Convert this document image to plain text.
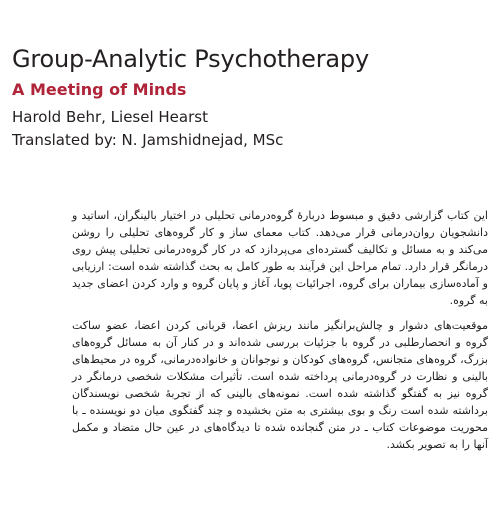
Group-Analytic Psychotherapy
A Meeting of Minds
Harold Behr, Liesel Hearst
Translated by: N. Jamshidnejad, MSc

این کتاب گزارشی دقیق و مبسوط دربارهٔ گروه‌درمانی تحلیلی در اختیار بالینگران، اساتید و دانشجویان روان‌درمانی قرار می‌دهد. کتاب معمای ساز و کار گروه‌های تحلیلی را روشن می‌کند و به مسائل و تکالیف گسترده‌ای می‌پردازد که در کار گروه‌درمانی تحلیلی پیش روی درمانگر قرار دارد. تمام مراحل این فرآیند به طور کامل به بحث گذاشته شده است: ارزیابی و آماده‌سازی بیماران برای گروه، اجرائیات پویا، آغاز و پایان گروه و وارد کردن اعضای جدید به گروه.

موقعیت‌های دشوار و چالش‌برانگیز مانند ریزش اعضا، قربانی کردن اعضا، عضو ساکت گروه و انحصارطلبی در گروه با جزئیات بررسی شده‌اند و در کنار آن به مسائل گروه‌های بزرگ، گروه‌های متجانس، گروه‌های کودکان و نوجوانان و خانواده‌درمانی، گروه در محیط‌های بالینی و نظارت در گروه‌درمانی پرداخته شده است. تأثیرات مشکلات شخصی درمانگر در گروه نیز به گفتگو گذاشته شده است. نمونه‌های بالینی که از تجربهٔ شخصی نویسندگان برداشته شده است رنگ و بوی بیشتری به متن بخشیده و چند گفتگوی میان دو نویسنده ـ با محوریت موضوعات کتاب ـ در متن گنجانده شده تا دیدگاه‌های در عین حال متضاد و مکمل آنها را به تصویر بکشد.
